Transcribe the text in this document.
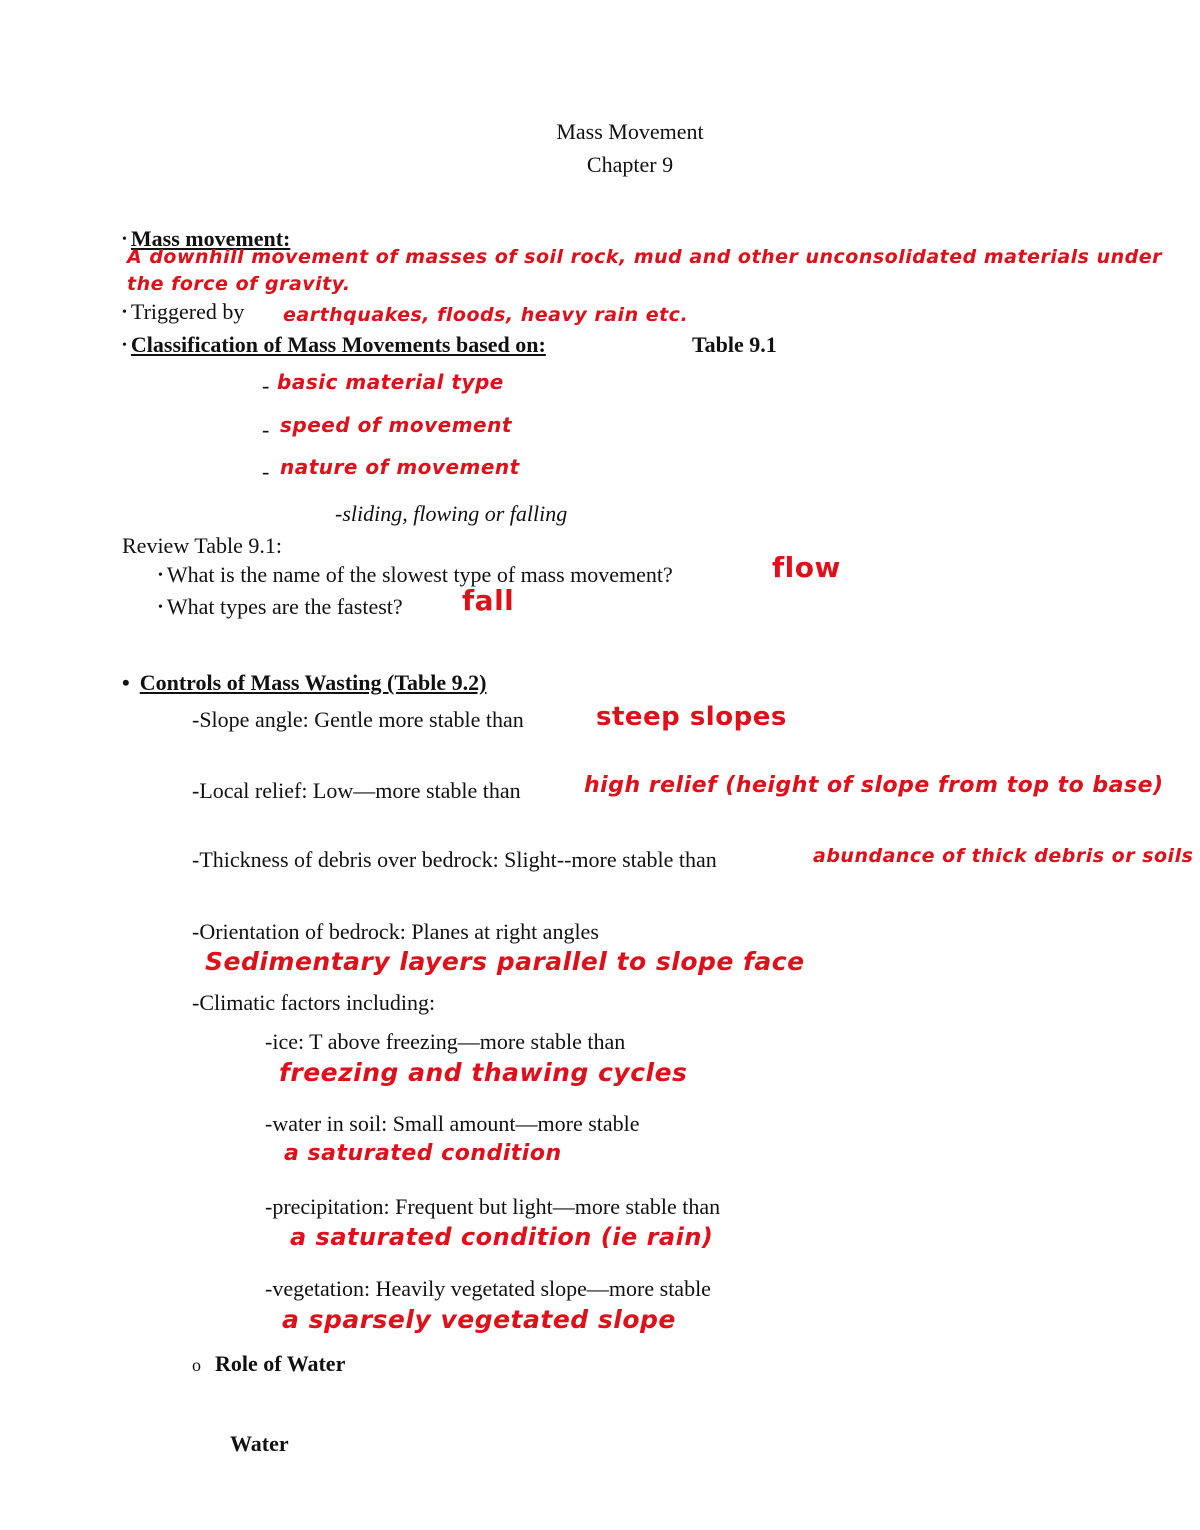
Mass Movement
Chapter 9
• Mass movement:
A downhill movement of masses of soil rock, mud and other unconsolidated materials under the force of gravity.
• Triggered by earthquakes, floods, heavy rain etc.
• Classification of Mass Movements based on:	Table 9.1
- basic material type
- speed of movement
- nature of movement
-sliding, flowing or falling
Review Table 9.1:
• What is the name of the slowest type of mass movement?	flow
• What types are the fastest? fall
• Controls of Mass Wasting (Table 9.2)
-Slope angle: Gentle more stable than	steep slopes
-Local relief: Low—more stable than	high relief (height of slope from top to base)
-Thickness of debris over bedrock: Slight--more stable than	abundance of thick debris or soils
-Orientation of bedrock: Planes at right angles
Sedimentary layers parallel to slope face
-Climatic factors including:
-ice: T above freezing—more stable than
freezing and thawing cycles
-water in soil: Small amount—more stable
a saturated condition
-precipitation: Frequent but light—more stable than
a saturated condition (ie rain)
-vegetation: Heavily vegetated slope—more stable
a sparsely vegetated slope
o Role of Water
Water
